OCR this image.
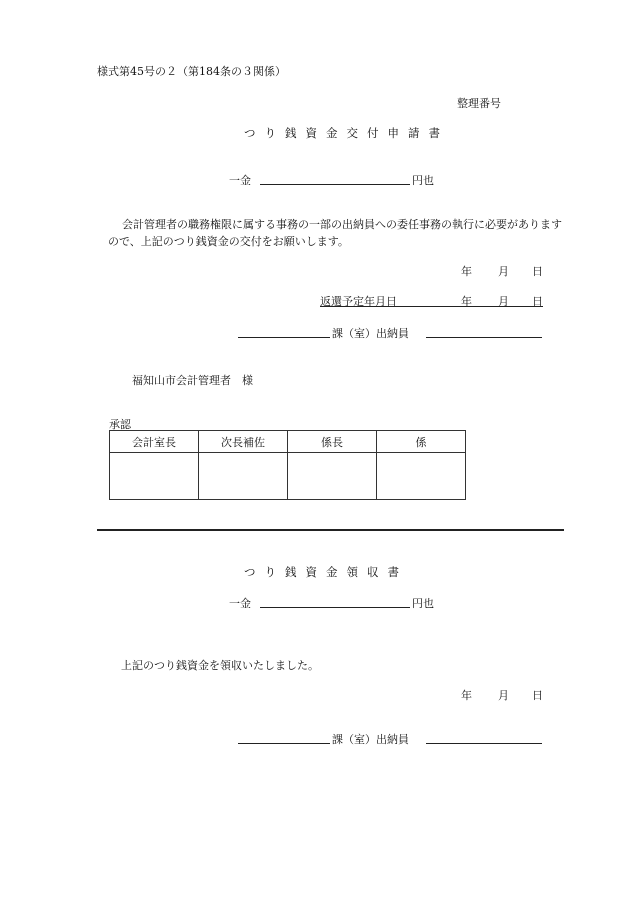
様式第45号の２（第184条の３関係）
整理番号
つり銭資金交付申請書
一金	円也
会計管理者の職務権限に属する事務の一部の出納員への委任事務の執行に必要がありますので、上記のつり銭資金の交付をお願いします。
年 月 日
返還予定年月日	年 月 日
課（室）出納員
福知山市会計管理者　様
承認
会計室長	次長補佐	係長	係

つり銭資金領収書
一金	円也
上記のつり銭資金を領収いたしました。
年 月 日
課（室）出納員
